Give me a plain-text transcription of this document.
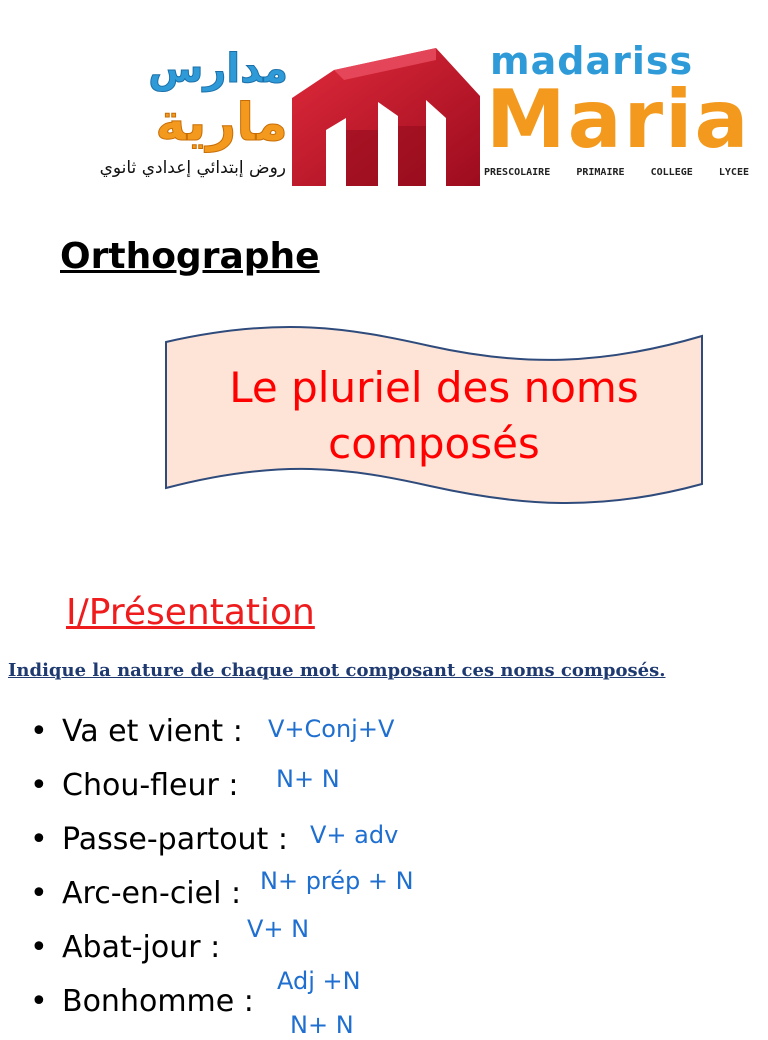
مدارس
مارية
روض إبتدائي إعدادي ثانوي
madariss
Maria
PRESCOLAIRE	PRIMAIRE	COLLEGE	LYCEE
Orthographe
Le pluriel des noms
composés
I/Présentation
Indique la nature de chaque mot composant ces noms composés.
• Va et vient : V+Conj+V
• Chou-fleur : N+ N
• Passe-partout : V+ adv
• Arc-en-ciel : N+ prép + N
• Abat-jour :
V+ N
• Bonhomme :
Adj +N
N+ N
